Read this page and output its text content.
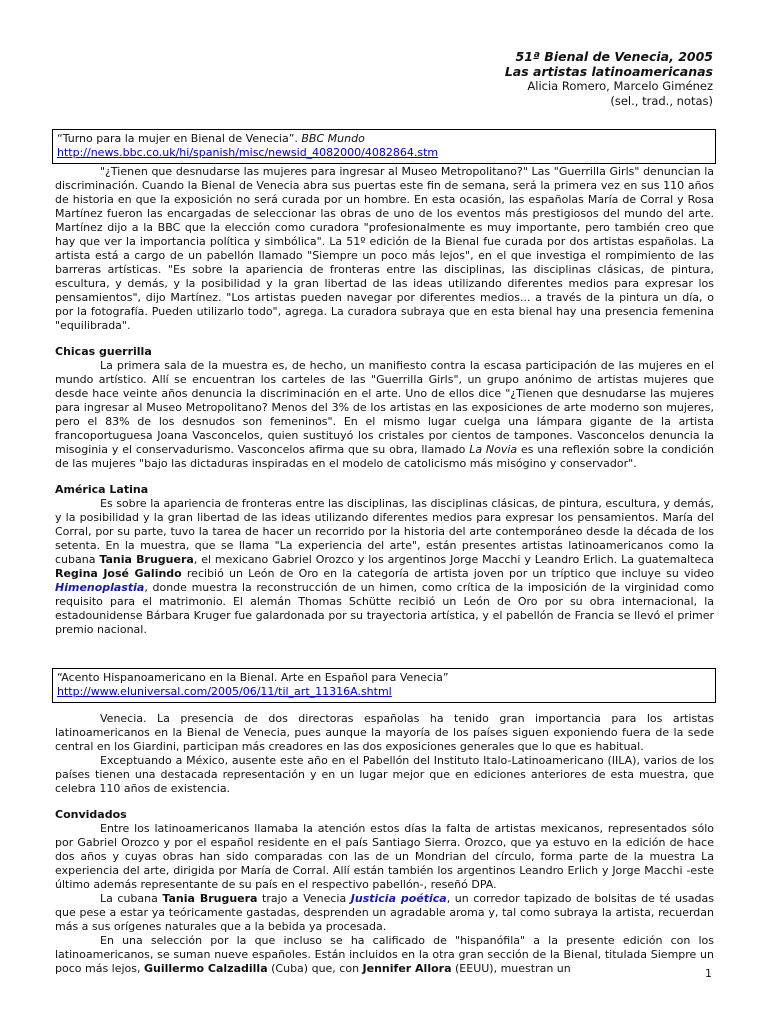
51ª Bienal de Venecia, 2005
Las artistas latinoamericanas
Alicia Romero, Marcelo Giménez
(sel., trad., notas)
“Turno para la mujer en Bienal de Venecia”. BBC Mundo
http://news.bbc.co.uk/hi/spanish/misc/newsid_4082000/4082864.stm

"¿Tienen que desnudarse las mujeres para ingresar al Museo Metropolitano?" Las "Guerrilla Girls" denuncian la discriminación. Cuando la Bienal de Venecia abra sus puertas este fin de semana, será la primera vez en sus 110 años de historia en que la exposición no será curada por un hombre. En esta ocasión, las españolas María de Corral y Rosa Martínez fueron las encargadas de seleccionar las obras de uno de los eventos más prestigiosos del mundo del arte. Martínez dijo a la BBC que la elección como curadora "profesionalmente es muy importante, pero también creo que hay que ver la importancia política y simbólica". La 51º edición de la Bienal fue curada por dos artistas españolas. La artista está a cargo de un pabellón llamado "Siempre un poco más lejos", en el que investiga el rompimiento de las barreras artísticas. "Es sobre la apariencia de fronteras entre las disciplinas, las disciplinas clásicas, de pintura, escultura, y demás, y la posibilidad y la gran libertad de las ideas utilizando diferentes medios para expresar los pensamientos", dijo Martínez. "Los artistas pueden navegar por diferentes medios... a través de la pintura un día, o por la fotografía. Pueden utilizarlo todo", agrega. La curadora subraya que en esta bienal hay una presencia femenina "equilibrada".

Chicas guerrilla

La primera sala de la muestra es, de hecho, un manifiesto contra la escasa participación de las mujeres en el mundo artístico. Allí se encuentran los carteles de las "Guerrilla Girls", un grupo anónimo de artistas mujeres que desde hace veinte años denuncia la discriminación en el arte. Uno de ellos dice "¿Tienen que desnudarse las mujeres para ingresar al Museo Metropolitano? Menos del 3% de los artistas en las exposiciones de arte moderno son mujeres, pero el 83% de los desnudos son femeninos". En el mismo lugar cuelga una lámpara gigante de la artista francoportuguesa Joana Vasconcelos, quien sustituyó los cristales por cientos de tampones. Vasconcelos denuncia la misoginia y el conservadurismo. Vasconcelos afirma que su obra, llamado La Novia es una reflexión sobre la condición de las mujeres "bajo las dictaduras inspiradas en el modelo de catolicismo más misógino y conservador".

América Latina

Es sobre la apariencia de fronteras entre las disciplinas, las disciplinas clásicas, de pintura, escultura, y demás, y la posibilidad y la gran libertad de las ideas utilizando diferentes medios para expresar los pensamientos. María del Corral, por su parte, tuvo la tarea de hacer un recorrido por la historia del arte contemporáneo desde la década de los setenta. En la muestra, que se llama "La experiencia del arte", están presentes artistas latinoamericanos como la cubana Tania Bruguera, el mexicano Gabriel Orozco y los argentinos Jorge Macchi y Leandro Erlich. La guatemalteca Regina José Galindo recibió un León de Oro en la categoría de artista joven por un tríptico que incluye su video Himenoplastia, donde muestra la reconstrucción de un himen, como crítica de la imposición de la virginidad como requisito para el matrimonio. El alemán Thomas Schütte recibió un León de Oro por su obra internacional, la estadounidense Bárbara Kruger fue galardonada por su trayectoria artística, y el pabellón de Francia se llevó el primer premio nacional.

“Acento Hispanoamericano en la Bienal. Arte en Español para Venecia”
http://www.eluniversal.com/2005/06/11/til_art_11316A.shtml

Venecia. La presencia de dos directoras españolas ha tenido gran importancia para los artistas latinoamericanos en la Bienal de Venecia, pues aunque la mayoría de los países siguen exponiendo fuera de la sede central en los Giardini, participan más creadores en las dos exposiciones generales que lo que es habitual.

Exceptuando a México, ausente este año en el Pabellón del Instituto Italo-Latinoamericano (IILA), varios de los países tienen una destacada representación y en un lugar mejor que en ediciones anteriores de esta muestra, que celebra 110 años de existencia.

Convidados

Entre los latinoamericanos llamaba la atención estos días la falta de artistas mexicanos, representados sólo por Gabriel Orozco y por el español residente en el país Santiago Sierra. Orozco, que ya estuvo en la edición de hace dos años y cuyas obras han sido comparadas con las de un Mondrian del círculo, forma parte de la muestra La experiencia del arte, dirigida por María de Corral. Allí están también los argentinos Leandro Erlich y Jorge Macchi -este último además representante de su país en el respectivo pabellón-, reseñó DPA.

La cubana Tania Bruguera trajo a Venecia Justicia poética, un corredor tapizado de bolsitas de té usadas que pese a estar ya teóricamente gastadas, desprenden un agradable aroma y, tal como subraya la artista, recuerdan más a sus orígenes naturales que a la bebida ya procesada.

En una selección por la que incluso se ha calificado de "hispanófila" a la presente edición con los latinoamericanos, se suman nueve españoles. Están incluidos en la otra gran sección de la Bienal, titulada Siempre un poco más lejos, Guillermo Calzadilla (Cuba) que, con Jennifer Allora (EEUU), muestran un	1
